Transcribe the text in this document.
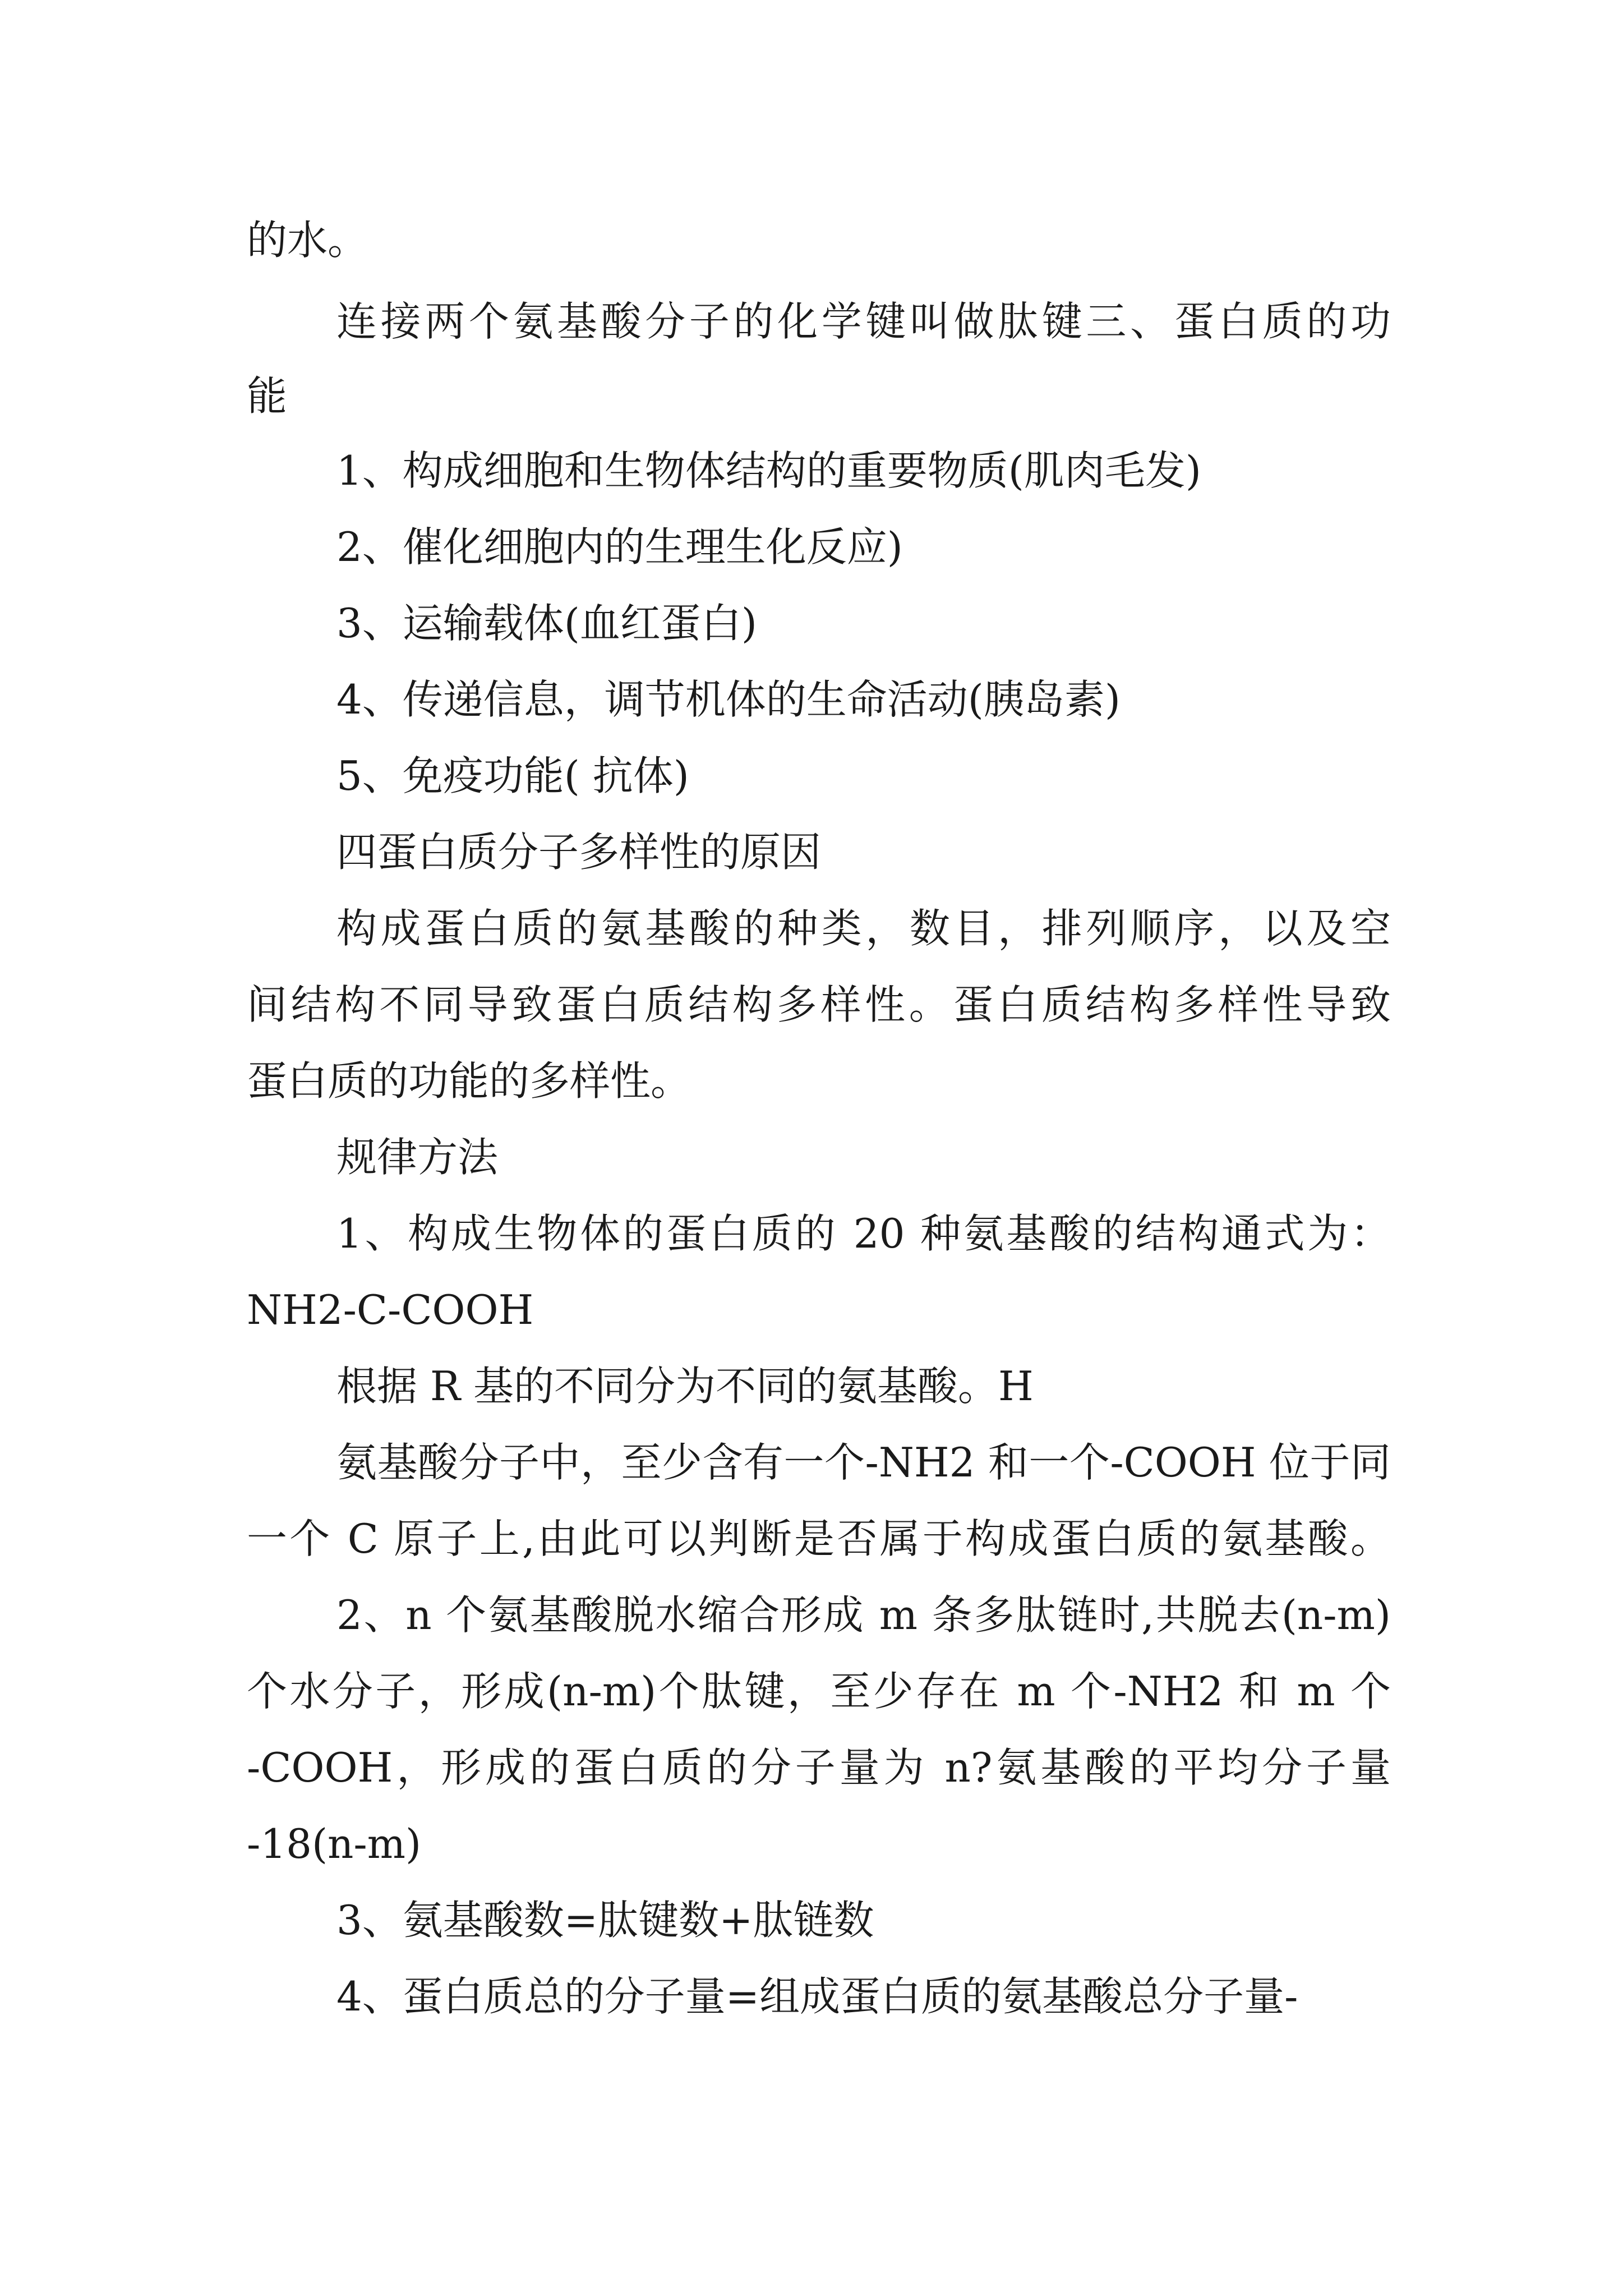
的水。
连接两个氨基酸分子的化学键叫做肽键三、蛋白质的功
能
1、构成细胞和生物体结构的重要物质(肌肉毛发)
2、催化细胞内的生理生化反应)
3、运输载体(血红蛋白)
4、传递信息，调节机体的生命活动(胰岛素)
5、免疫功能( 抗体)
四蛋白质分子多样性的原因
构成蛋白质的氨基酸的种类，数目，排列顺序，以及空
间结构不同导致蛋白质结构多样性。蛋白质结构多样性导致
蛋白质的功能的多样性。
规律方法
1、构成生物体的蛋白质的 20 种氨基酸的结构通式为：
NH2-C-COOH
根据 R 基的不同分为不同的氨基酸。H
氨基酸分子中，至少含有一个-NH2 和一个-COOH 位于同
一个 C 原子上,由此可以判断是否属于构成蛋白质的氨基酸。
2、n 个氨基酸脱水缩合形成 m 条多肽链时,共脱去(n-m)
个水分子，形成(n-m)个肽键，至少存在 m 个-NH2 和 m 个
-COOH，形成的蛋白质的分子量为 n?氨基酸的平均分子量
-18(n-m)
3、氨基酸数=肽键数+肽链数
4、蛋白质总的分子量=组成蛋白质的氨基酸总分子量-
